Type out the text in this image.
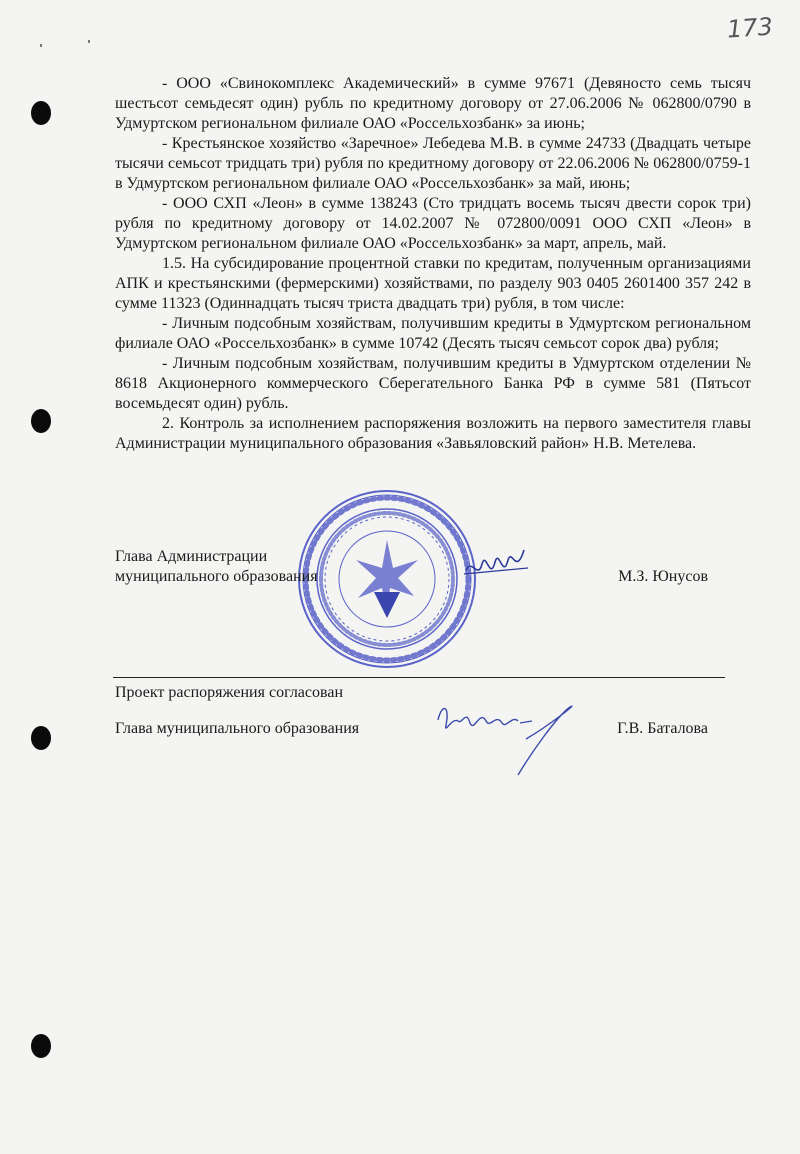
173

- ООО «Свинокомплекс Академический» в сумме 97671 (Девяносто семь тысяч шестьсот семьдесят один) рубль по кредитному договору от 27.06.2006 № 062800/0790 в Удмуртском региональном филиале ОАО «Россельхозбанк» за июнь;

- Крестьянское хозяйство «Заречное» Лебедева М.В. в сумме 24733 (Двадцать четыре тысячи семьсот тридцать три) рубля по кредитному договору от 22.06.2006 № 062800/0759-1 в Удмуртском региональном филиале ОАО «Россельхозбанк» за май, июнь;

- ООО СХП «Леон» в сумме 138243 (Сто тридцать восемь тысяч двести сорок три) рубля по кредитному договору от 14.02.2007 № 072800/0091 ООО СХП «Леон» в Удмуртском региональном филиале ОАО «Россельхозбанк» за март, апрель, май.

1.5. На субсидирование процентной ставки по кредитам, полученным организациями АПК и крестьянскими (фермерскими) хозяйствами, по разделу 903 0405 2601400 357 242 в сумме 11323 (Одиннадцать тысяч триста двадцать три) рубля, в том числе:

- Личным подсобным хозяйствам, получившим кредиты в Удмуртском региональном филиале ОАО «Россельхозбанк» в сумме 10742 (Десять тысяч семьсот сорок два) рубля;

- Личным подсобным хозяйствам, получившим кредиты в Удмуртском отделении № 8618 Акционерного коммерческого Сберегательного Банка РФ в сумме 581 (Пятьсот восемьдесят один) рубль.

2. Контроль за исполнением распоряжения возложить на первого заместителя главы Администрации муниципального образования «Завьяловский район» Н.В. Метелева.

Глава Администрации
муниципального образования	М.З. Юнусов
Проект распоряжения согласован
Глава муниципального образования	Г.В. Баталова
